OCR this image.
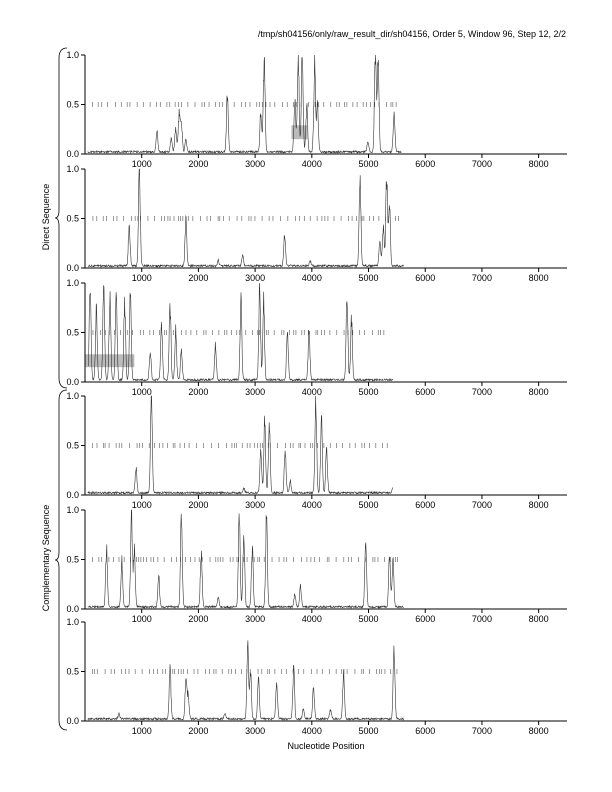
/tmp/sh04156/only/raw_result_dir/sh04156, Order 5, Window 96, Step 12, 2/2
0.0
0.5
1.0
1000	2000	3000	4000	5000	6000	7000	8000
0.0
0.5
1.0
1000	2000	3000	4000	5000	6000	7000	8000
0.0
0.5
1.0
1000	2000	3000	4000	5000	6000	7000	8000
0.0
0.5
1.0
1000	2000	3000	4000	5000	6000	7000	8000
0.0
0.5
1.0
1000	2000	3000	4000	5000	6000	7000	8000
0.0
0.5
1.0
1000	2000	3000	4000	5000	6000	7000	8000
Direct Sequence
Complementary Sequence
Nucleotide Position
